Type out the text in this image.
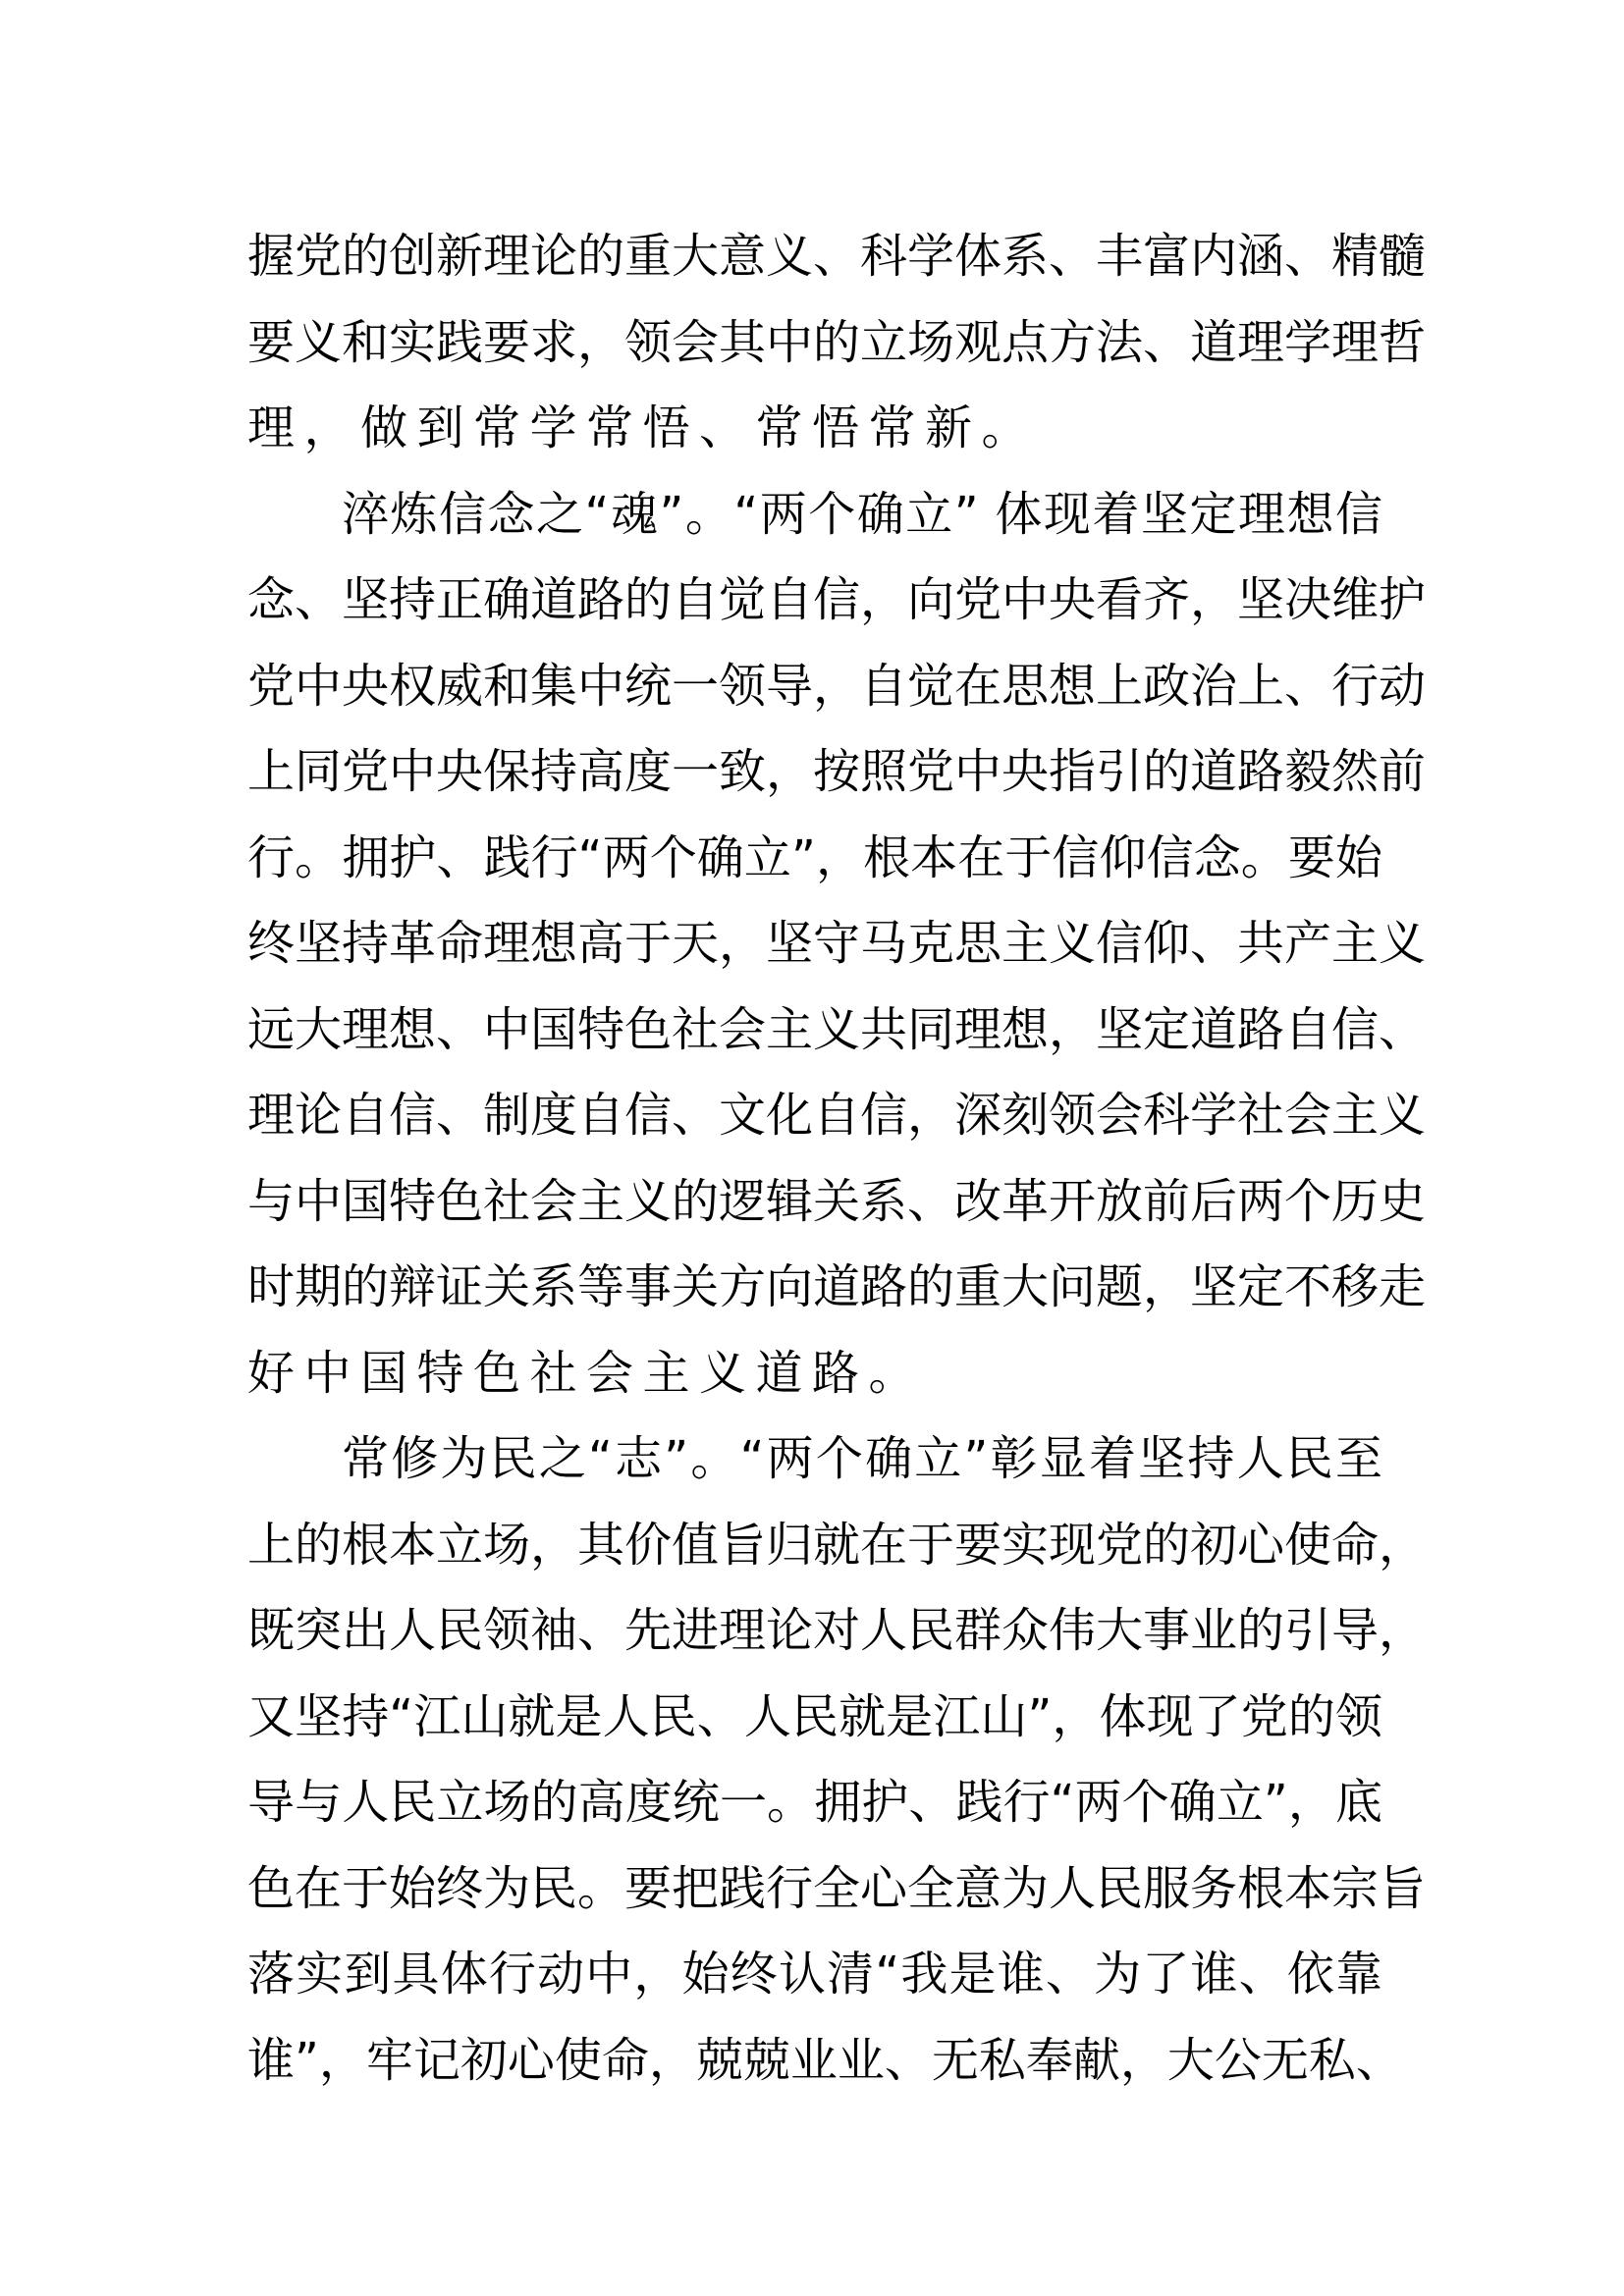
握党的创新理论的重大意义、科学体系、丰富内涵、精髓
要义和实践要求，领会其中的立场观点方法、道理学理哲
理，做到常学常悟、常悟常新。
淬炼信念之“魂”。“两个确立” 体现着坚定理想信
念、坚持正确道路的自觉自信，向党中央看齐，坚决维护
党中央权威和集中统一领导，自觉在思想上政治上、行动
上同党中央保持高度一致，按照党中央指引的道路毅然前
行。拥护、践行“两个确立”，根本在于信仰信念。要始
终坚持革命理想高于天，坚守马克思主义信仰、共产主义
远大理想、中国特色社会主义共同理想，坚定道路自信、
理论自信、制度自信、文化自信，深刻领会科学社会主义
与中国特色社会主义的逻辑关系、改革开放前后两个历史
时期的辩证关系等事关方向道路的重大问题，坚定不移走
好中国特色社会主义道路。
常修为民之“志”。“两个确立”彰显着坚持人民至
上的根本立场，其价值旨归就在于要实现党的初心使命，
既突出人民领袖、先进理论对人民群众伟大事业的引导，
又坚持“江山就是人民、人民就是江山”，体现了党的领
导与人民立场的高度统一。拥护、践行“两个确立”，底
色在于始终为民。要把践行全心全意为人民服务根本宗旨
落实到具体行动中，始终认清“我是谁、为了谁、依靠
谁”，牢记初心使命，兢兢业业、无私奉献，大公无私、
